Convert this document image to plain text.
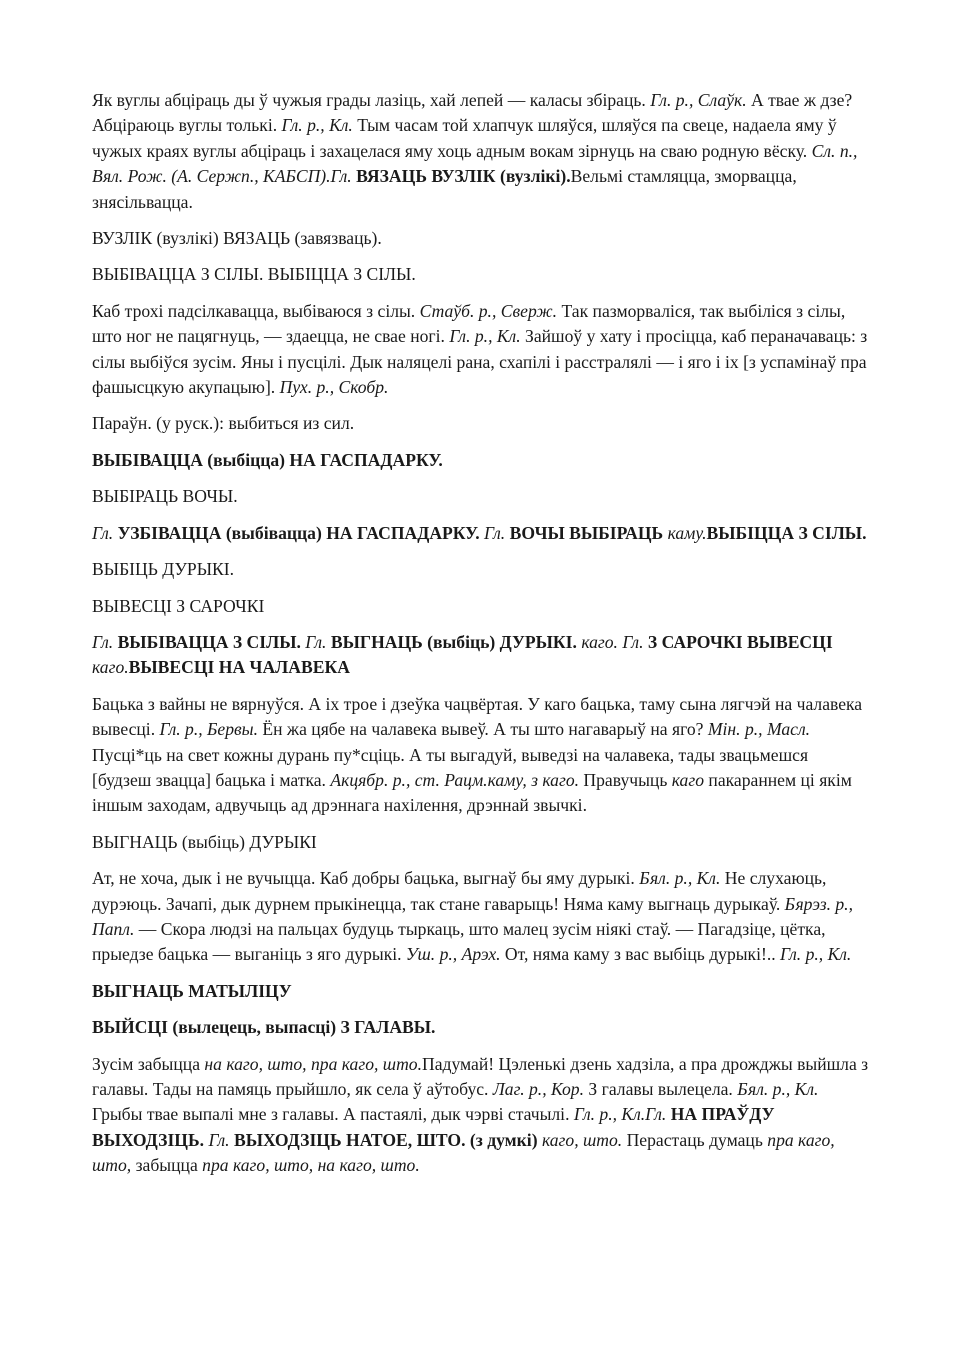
Як вуглы абціраць ды ў чужыя грады лазіць, хай лепей — каласы збіраць. Гл. р., Слаўк. А твае ж дзе? Абціраюць вуглы толькі. Гл. р., Кл. Тым часам той хлапчук шляўся, шляўся па свеце, надаела яму ў чужых краях вуглы абціраць і захацелася яму хоць адным вокам зірнуць на сваю родную вёску. Сл. п., Вял. Рож. (А. Сержп., КАБСП).Гл. ВЯЗАЦЬ ВУЗЛІК (вузлікі).Вельмі стамляцца, зморвацца, знясільвацца.

ВУЗЛІК (вузлікі) ВЯЗАЦЬ (завязваць).

ВЫБІВАЦЦА З СІЛЫ. ВЫБІЦЦА З СІЛЫ.

Каб трохі падсілкавацца, выбіваюся з сілы. Стаўб. р., Сверж. Так пазморваліся, так выбіліся з сілы, што ног не пацягнуць, — здаецца, не свае ногі. Гл. р., Кл. Зайшоў у хату і просіцца, каб пераначаваць: з сілы выбіўся зусім. Яны і пусцілі. Дык наляцелі рана, схапілі і расстралялі — і яго і іх [з успамінаў пра фашысцкую акупацыю]. Пух. р., Скобр.

Параўн. (у руск.): выбиться из сил.

ВЫБІВАЦЦА (выбіцца) НА ГАСПАДАРКУ.

ВЫБІРАЦЬ ВОЧЫ.

Гл. УЗБІВАЦЦА (выбівацца) НА ГАСПАДАРКУ. Гл. ВОЧЫ ВЫБІРАЦЬ каму.ВЫБІЦЦА З СІЛЫ.

ВЫБІЦЬ ДУРЫКІ.

ВЫВЕСЦІ З САРОЧКІ

Гл. ВЫБІВАЦЦА З СІЛЫ. Гл. ВЫГНАЦЬ (выбіць) ДУРЫКІ. каго. Гл. З САРОЧКІ ВЫВЕСЦІ каго.ВЫВЕСЦІ НА ЧАЛАВЕКА

Бацька з вайны не вярнуўся. А іх трое і дзеўка чацвёртая. У каго бацька, таму сына лягчэй на чалавека вывесці. Гл. р., Бервы. Ён жа цябе на чалавека вывеў. А ты што нагаварыў на яго? Мін. р., Масл. Пусці*ць на свет кожны дурань пу*сціць. А ты выгадуй, выведзі на чалавека, тады звацьмешся [будзеш звацца] бацька і матка. Акцябр. р., ст. Рацм.каму, з каго. Правучыць каго пакараннем ці якім іншым заходам, адвучыць ад дрэннага нахілення, дрэннай звычкі.

ВЫГНАЦЬ (выбіць) ДУРЫКІ

Ат, не хоча, дык і не вучыцца. Каб добры бацька, выгнаў бы яму дурыкі. Бял. р., Кл. Не слухаюць, дурэюць. Зачапі, дык дурнем прыкінецца, так стане гаварыць! Няма каму выгнаць дурыкаў. Бярэз. р., Папл. — Скора людзі на пальцах будуць тыркаць, што малец зусім ніякі стаў. — Пагадзіце, цётка, прыедзе бацька — выганіць з яго дурыкі. Уш. р., Арэх. От, няма каму з вас выбіць дурыкі!.. Гл. р., Кл.

ВЫГНАЦЬ МАТЫЛІЦУ

ВЫЙСЦІ (вылецець, выпасці) З ГАЛАВЫ.

Зусім забыцца на каго, што, пра каго, што.Падумай! Цэленькі дзень хадзіла, а пра дрожджы выйшла з галавы. Тады на памяць прыйшло, як села ў аўтобус. Лаг. р., Кор. З галавы вылецела. Бял. р., Кл. Грыбы твае выпалі мне з галавы. А пастаялі, дык чэрві стачылі. Гл. р., Кл.Гл. НА ПРАЎДУ ВЫХОДЗІЦЬ. Гл. ВЫХОДЗІЦЬ НАТОЕ, ШТО. (з думкі) каго, што. Перастаць думаць пра каго, што, забыцца пра каго, што, на каго, што.
